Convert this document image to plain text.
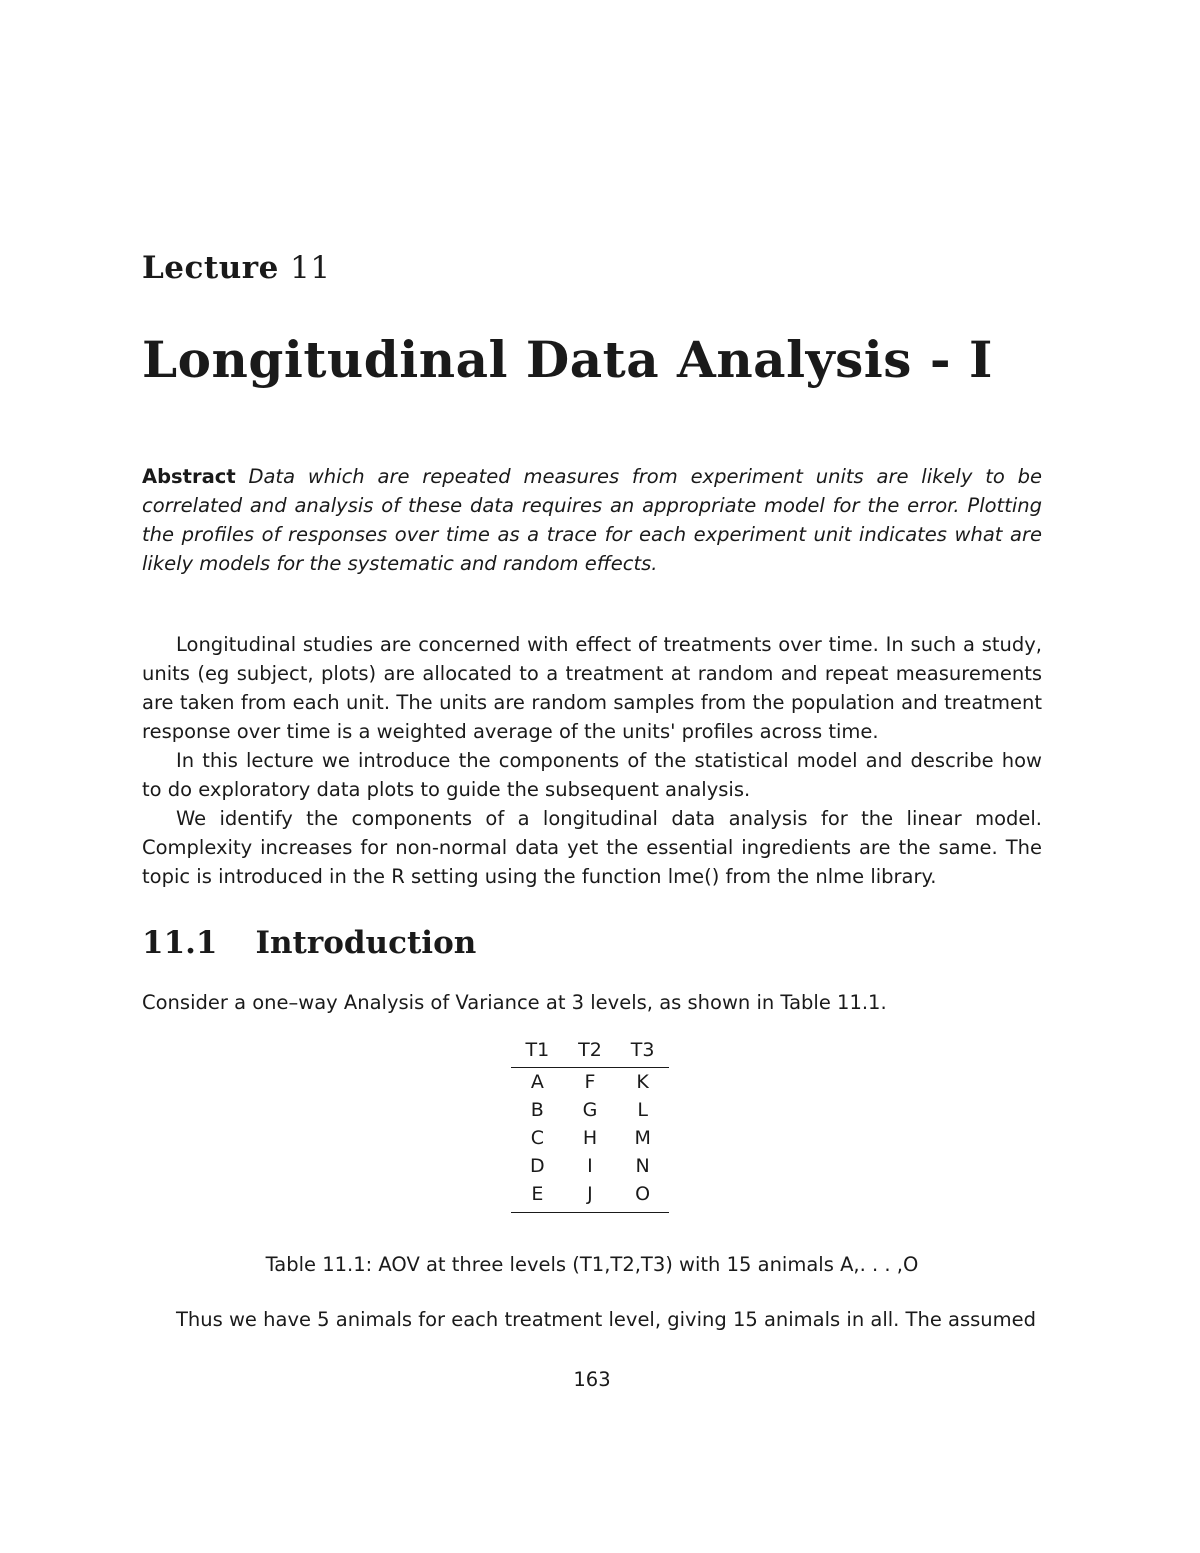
Lecture 11
Longitudinal Data Analysis - I
Abstract Data which are repeated measures from experiment units are likely to be correlated and analysis of these data requires an appropriate model for the error. Plotting the profiles of responses over time as a trace for each experiment unit indicates what are likely models for the systematic and random effects.

Longitudinal studies are concerned with effect of treatments over time. In such a study, units (eg subject, plots) are allocated to a treatment at random and repeat measurements are taken from each unit. The units are random samples from the population and treatment response over time is a weighted average of the units' profiles across time.

In this lecture we introduce the components of the statistical model and describe how to do exploratory data plots to guide the subsequent analysis.

We identify the components of a longitudinal data analysis for the linear model. Complexity increases for non-normal data yet the essential ingredients are the same. The topic is introduced in the R setting using the function lme() from the nlme library.

11.1 Introduction
Consider a one–way Analysis of Variance at 3 levels, as shown in Table 11.1.
T1	T2	T3
A	F	K
B	G	L
C	H	M
D	I	N
E	J	O
Table 11.1: AOV at three levels (T1,T2,T3) with 15 animals A,. . . ,O
Thus we have 5 animals for each treatment level, giving 15 animals in all. The assumed
163
